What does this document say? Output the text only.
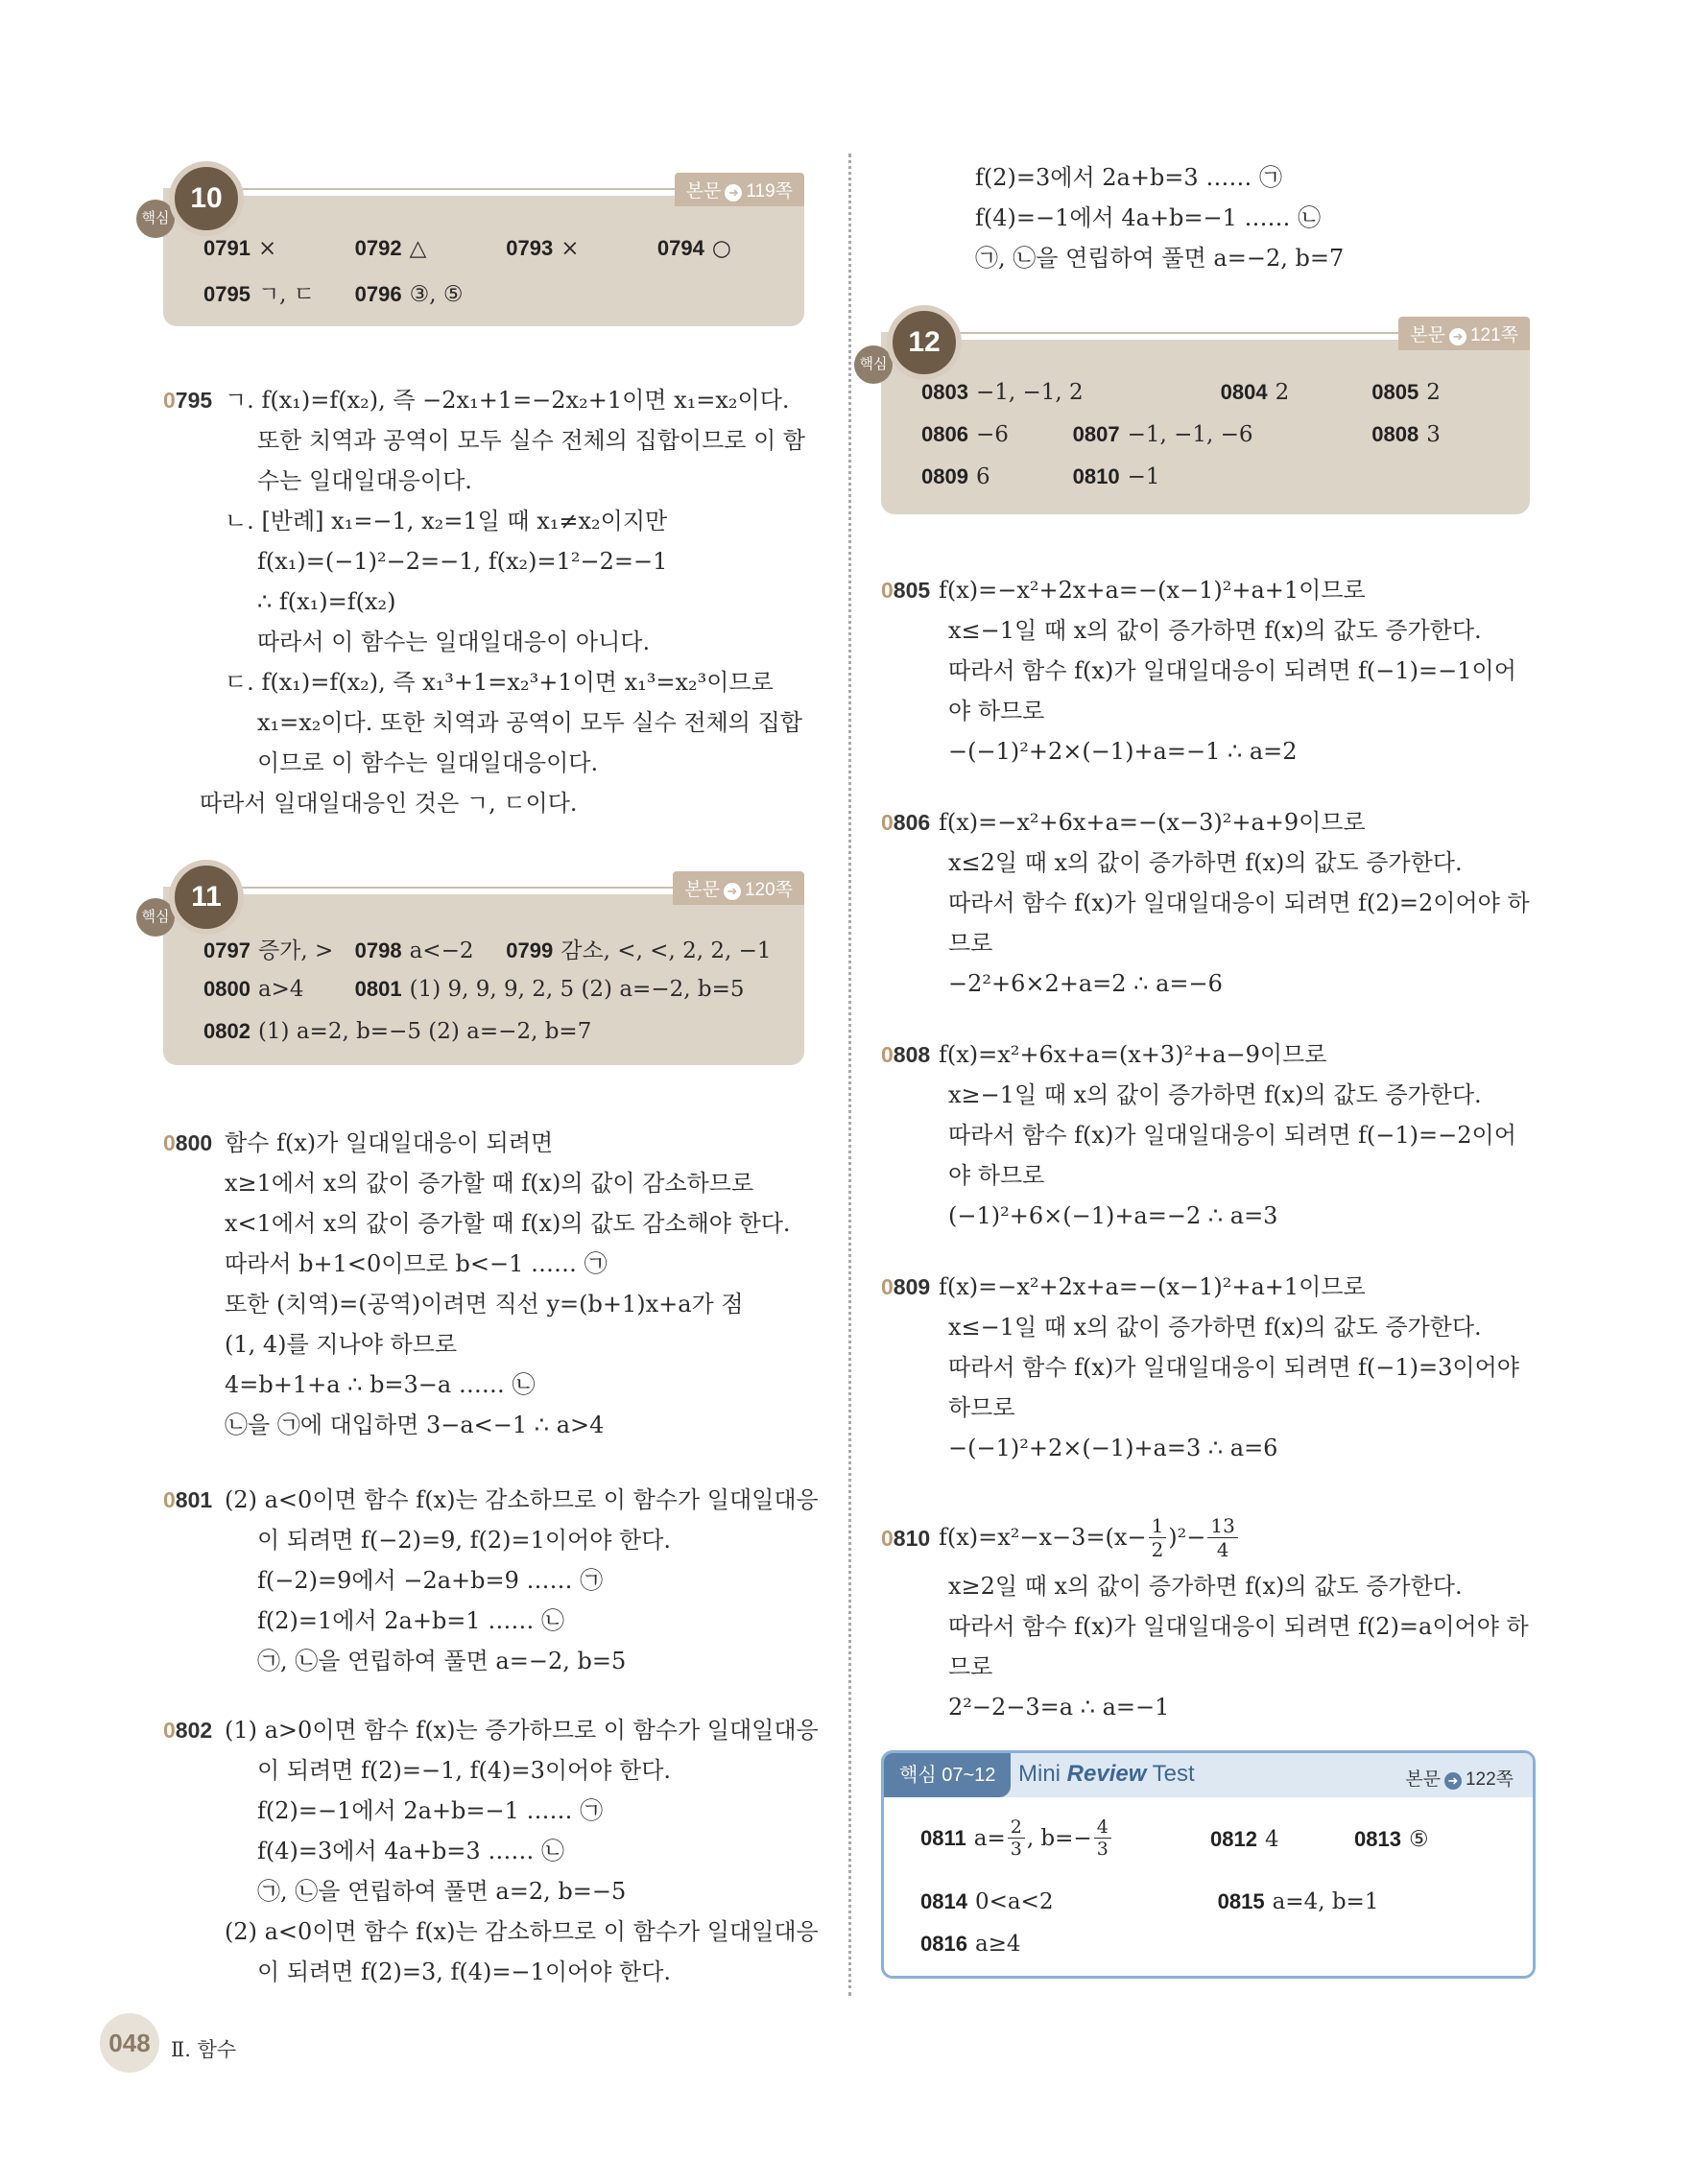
본문 ➜ 119쪽
0791 ×	0792 △	0793 ×	0794 ○
0795 ㄱ, ㄷ 0796 ③, ⑤
핵심
10
0795 ㄱ. f(x₁)=f(x₂), 즉 −2x₁+1=−2x₂+1이면 x₁=x₂이다.
또한 치역과 공역이 모두 실수 전체의 집합이므로 이 함
수는 일대일대응이다.
ㄴ. [반례] x₁=−1, x₂=1일 때 x₁≠x₂이지만
f(x₁)=(−1)²−2=−1, f(x₂)=1²−2=−1
∴ f(x₁)=f(x₂)
따라서 이 함수는 일대일대응이 아니다.
ㄷ. f(x₁)=f(x₂), 즉 x₁³+1=x₂³+1이면 x₁³=x₂³이므로
x₁=x₂이다. 또한 치역과 공역이 모두 실수 전체의 집합
이므로 이 함수는 일대일대응이다.
따라서 일대일대응인 것은 ㄱ, ㄷ이다.
본문 ➜ 120쪽
0797 증가, > 0798 a<−2 0799 감소, <, <, 2, 2, −1
0800 a>4 0801 (1) 9, 9, 9, 2, 5 (2) a=−2, b=5
0802 (1) a=2, b=−5 (2) a=−2, b=7
핵심
11
0800 함수 f(x)가 일대일대응이 되려면
x≥1에서 x의 값이 증가할 때 f(x)의 값이 감소하므로
x<1에서 x의 값이 증가할 때 f(x)의 값도 감소해야 한다.
따라서 b+1<0이므로 b<−1 …… ㉠
또한 (치역)=(공역)이려면 직선 y=(b+1)x+a가 점
(1, 4)를 지나야 하므로
4=b+1+a ∴ b=3−a …… ㉡
㉡을 ㉠에 대입하면 3−a<−1 ∴ a>4
0801 (2) a<0이면 함수 f(x)는 감소하므로 이 함수가 일대일대응
이 되려면 f(−2)=9, f(2)=1이어야 한다.
f(−2)=9에서 −2a+b=9 …… ㉠
f(2)=1에서 2a+b=1 …… ㉡
㉠, ㉡을 연립하여 풀면 a=−2, b=5
0802 (1) a>0이면 함수 f(x)는 증가하므로 이 함수가 일대일대응
이 되려면 f(2)=−1, f(4)=3이어야 한다.
f(2)=−1에서 2a+b=−1 …… ㉠
f(4)=3에서 4a+b=3 …… ㉡
㉠, ㉡을 연립하여 풀면 a=2, b=−5
(2) a<0이면 함수 f(x)는 감소하므로 이 함수가 일대일대응
이 되려면 f(2)=3, f(4)=−1이어야 한다.
f(2)=3에서 2a+b=3 …… ㉠
f(4)=−1에서 4a+b=−1 …… ㉡
㉠, ㉡을 연립하여 풀면 a=−2, b=7
본문 ➜ 121쪽
0803 −1, −1, 2	0804 2	0805 2
0806 −6	0807 −1, −1, −6	0808 3
0809 6	0810 −1
핵심
12
0805 f(x)=−x²+2x+a=−(x−1)²+a+1이므로
x≤−1일 때 x의 값이 증가하면 f(x)의 값도 증가한다.
따라서 함수 f(x)가 일대일대응이 되려면 f(−1)=−1이어
야 하므로
−(−1)²+2×(−1)+a=−1 ∴ a=2
0806 f(x)=−x²+6x+a=−(x−3)²+a+9이므로
x≤2일 때 x의 값이 증가하면 f(x)의 값도 증가한다.
따라서 함수 f(x)가 일대일대응이 되려면 f(2)=2이어야 하
므로
−2²+6×2+a=2 ∴ a=−6
0808 f(x)=x²+6x+a=(x+3)²+a−9이므로
x≥−1일 때 x의 값이 증가하면 f(x)의 값도 증가한다.
따라서 함수 f(x)가 일대일대응이 되려면 f(−1)=−2이어
야 하므로
(−1)²+6×(−1)+a=−2 ∴ a=3
0809 f(x)=−x²+2x+a=−(x−1)²+a+1이므로
x≤−1일 때 x의 값이 증가하면 f(x)의 값도 증가한다.
따라서 함수 f(x)가 일대일대응이 되려면 f(−1)=3이어야
하므로
−(−1)²+2×(−1)+a=3 ∴ a=6
0810 $f(x)=x^2-x-3= (x- \frac{1}{2} )^2- \frac{13}{4}$
x≥2일 때 x의 값이 증가하면 f(x)의 값도 증가한다.
따라서 함수 f(x)가 일대일대응이 되려면 f(2)=a이어야 하
므로
2²−2−3=a ∴ a=−1
핵심 07~12 Mini Review Test	본문 ➜ 122쪽
0811 $a= \frac{2}{3}$ , $b=- \frac{4}{3}$	0812 4	0813 ⑤
0814 0<a<2	0815 a=4, b=1
0816 a≥4
048	Ⅱ. 함수
